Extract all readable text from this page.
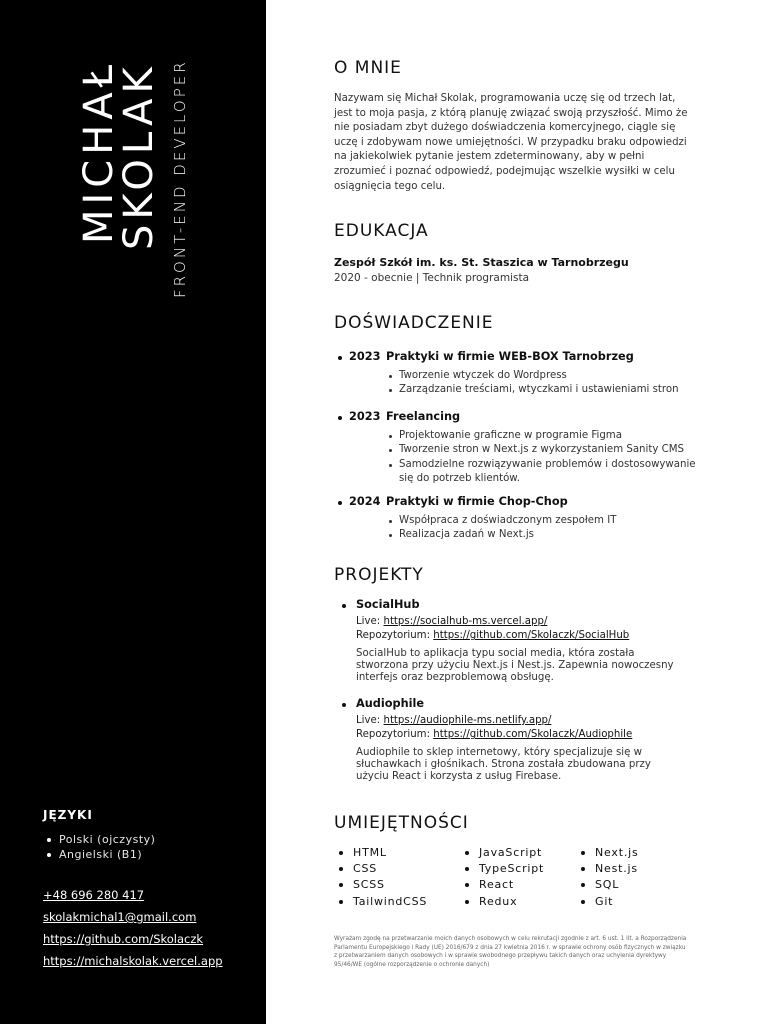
MICHAŁ
SKOLAK FRONT-END DEVELOPER
JĘZYKI
Polski (ojczysty)
Angielski (B1)
+48 696 280 417
skolakmichal1@gmail.com
https://github.com/Skolaczk
https://michalskolak.vercel.app
O MNIE

Nazywam się Michał Skolak, programowania uczę się od trzech lat, jest to moja pasja, z którą planuję związać swoją przyszłość. Mimo że nie posiadam zbyt dużego doświadczenia komercyjnego, ciągle się uczę i zdobywam nowe umiejętności. W przypadku braku odpowiedzi na jakiekolwiek pytanie jestem zdeterminowany, aby w pełni zrozumieć i poznać odpowiedź, podejmując wszelkie wysiłki w celu osiągnięcia tego celu.

EDUKACJA
Zespół Szkół im. ks. St. Staszica w Tarnobrzegu
2020 - obecnie | Technik programista
DOŚWIADCZENIE
2023 Praktyki w firmie WEB-BOX Tarnobrzeg
Tworzenie wtyczek do Wordpress
Zarządzanie treściami, wtyczkami i ustawieniami stron
2023 Freelancing
Projektowanie graficzne w programie Figma
Tworzenie stron w Next.js z wykorzystaniem Sanity CMS
Samodzielne rozwiązywanie problemów i dostosowywanie się do potrzeb klientów.
2024 Praktyki w firmie Chop-Chop
Współpraca z doświadczonym zespołem IT
Realizacja zadań w Next.js
PROJEKTY
SocialHub
Live: https://socialhub-ms.vercel.app/
Repozytorium: https://github.com/Skolaczk/SocialHub
SocialHub to aplikacja typu social media, która została stworzona przy użyciu Next.js i Nest.js. Zapewnia nowoczesny interfejs oraz bezproblemową obsługę.
Audiophile
Live: https://audiophile-ms.netlify.app/
Repozytorium: https://github.com/Skolaczk/Audiophile
Audiophile to sklep internetowy, który specjalizuje się w słuchawkach i głośnikach. Strona została zbudowana przy użyciu React i korzysta z usług Firebase.
UMIEJĘTNOŚCI
HTML
CSS
SCSS
TailwindCSS
JavaScript
TypeScript
React
Redux
Next.js
Nest.js
SQL
Git

Wyrażam zgodę na przetwarzanie moich danych osobowych w celu rekrutacji zgodnie z art. 6 ust. 1 lit. a Rozporządzenia Parlamentu Europejskiego i Rady (UE) 2016/679 z dnia 27 kwietnia 2016 r. w sprawie ochrony osób fizycznych w związku z przetwarzaniem danych osobowych i w sprawie swobodnego przepływu takich danych oraz uchylenia dyrektywy 95/46/WE (ogólne rozporządzenie o ochronie danych)
